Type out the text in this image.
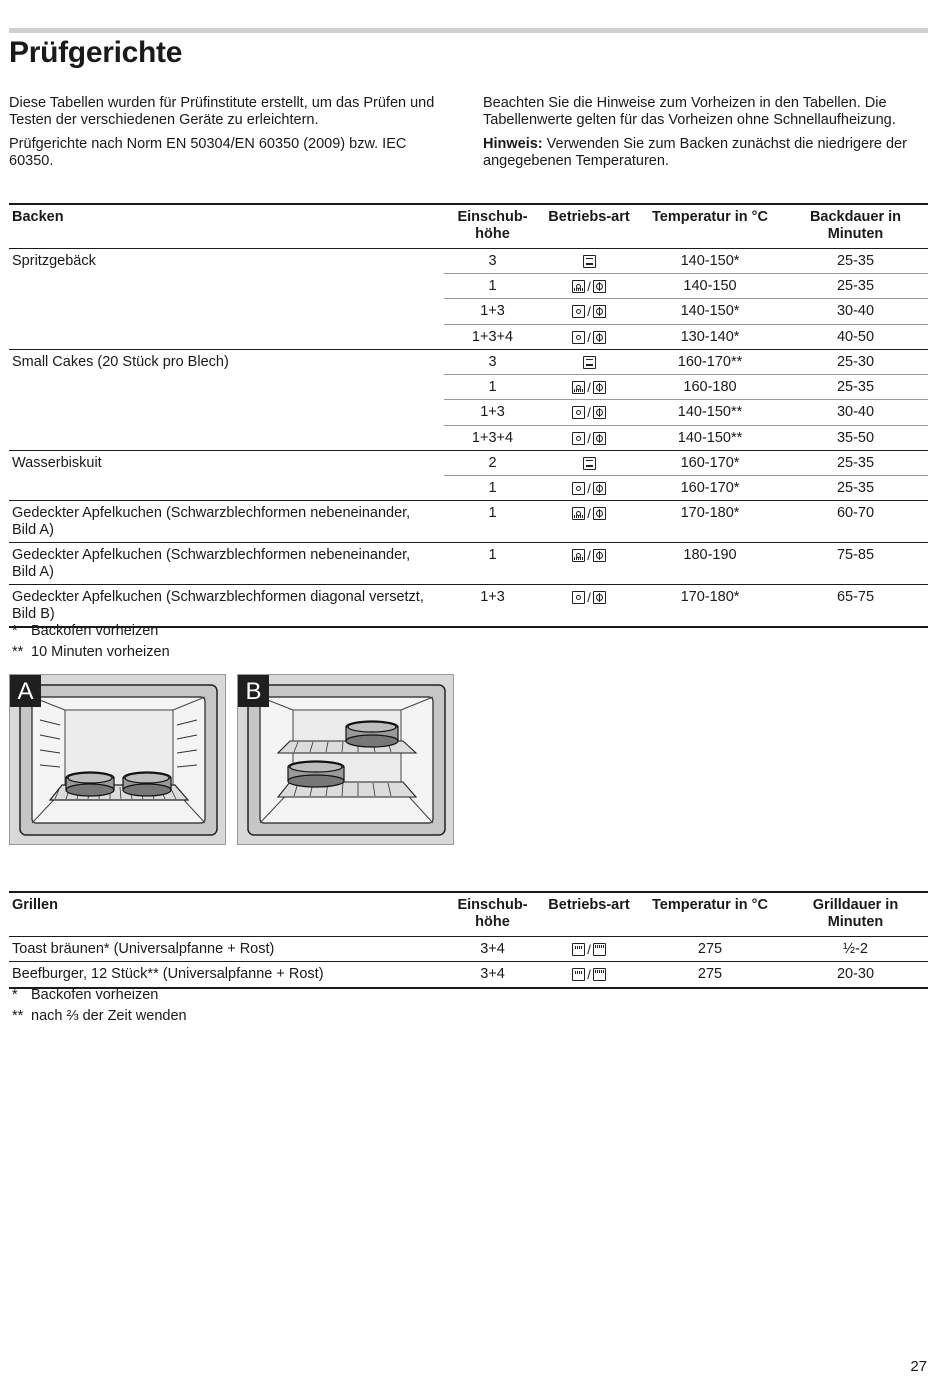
Prüfgerichte

Diese Tabellen wurden für Prüfinstitute erstellt, um das Prüfen und Testen der verschiedenen Geräte zu erleichtern.

Prüfgerichte nach Norm EN 50304/EN 60350 (2009) bzw. IEC 60350.

Beachten Sie die Hinweise zum Vorheizen in den Tabellen. Die Tabellenwerte gelten für das Vorheizen ohne Schnellaufheizung.

Hinweis: Verwenden Sie zum Backen zunächst die niedrigere der angegebenen Temperaturen.

Backen	Einschub-höhe	Betriebs-art	Temperatur in °C	Backdauer in Minuten
Spritzgebäck	3		140-150*	25-35
	1	/	140-150	25-35
	1+3	/	140-150*	30-40
	1+3+4	/	130-140*	40-50
Small Cakes (20 Stück pro Blech)	3		160-170**	25-30
	1	/	160-180	25-35
	1+3	/	140-150**	30-40
	1+3+4	/	140-150**	35-50
Wasserbiskuit	2		160-170*	25-35
	1	/	160-170*	25-35
Gedeckter Apfelkuchen (Schwarzblechformen nebeneinander, Bild A)	1	/	170-180*	60-70
Gedeckter Apfelkuchen (Schwarzblechformen nebeneinander, Bild A)	1	/	180-190	75-85
Gedeckter Apfelkuchen (Schwarzblechformen diagonal versetzt, Bild B)	1+3	/	170-180*	65-75
* Backofen vorheizen
** 10 Minuten vorheizen
A	B
Grillen	Einschub-höhe	Betriebs-art	Temperatur in °C	Grilldauer in Minuten
Toast bräunen* (Universalpfanne + Rost)	3+4	/	275	½-2
Beefburger, 12 Stück** (Universalpfanne + Rost)	3+4	/	275	20-30
* Backofen vorheizen
** nach ⅔ der Zeit wenden
27
